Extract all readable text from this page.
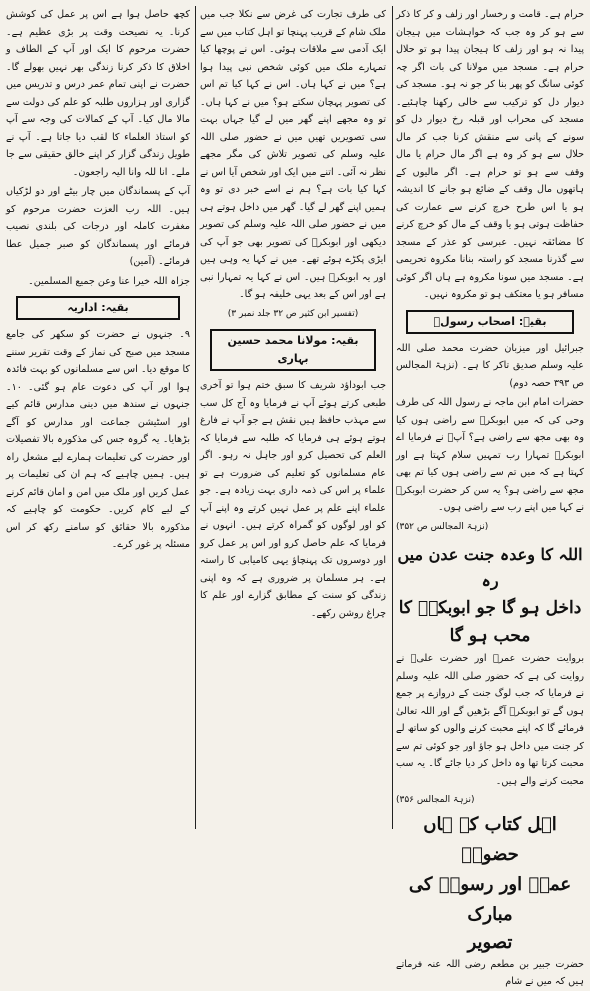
حرام ہے۔ قامت و رخسار اور زلف و کر کا ذکر سے ہو کر وہ جب کہ خواہشات میں ہیجان پیدا نہ ہو اور زلف کا ہیجان پیدا ہو تو حلال حرام ہے۔ مسجد میں مولانا کی بات اگر چہ کوئی سانگ کو پھر بنا کر جو نہ ہو۔ مسجد کی دیوار دل کو ترکیب سے خالی رکھنا چاہئیے۔ مسجد کی محراب اور قبلہ رخ دیوار دل کو سونے کے پانی سے منقش کرنا جب کر مال حلال سے ہو کر وہ ہے اگر مال حرام یا مال وقف سے ہو تو حرام ہے۔ اگر مالیوں کے ہاتھوں مال وقف کے ضائع ہو جانے کا اندیشہ ہو یا اس طرح خرچ کرنے سے عمارت کی حفاظت ہوتی ہو یا وقف کے مال کو خرچ کرنے کا مضائقہ نہیں۔ عبرسی کو عذر کے مسجد سے گذرنا مسجد کو راستہ بنانا مکروہ تحریمی ہے۔ مسجد میں سونا مکروہ ہے ہاں اگر کوئی مسافر ہو یا معتکف ہو تو مکروہ نہیں۔

بقیہ: اصحاب رسولؐ

جبرائیل اور میزبان حضرت محمد صلی اللہ علیہ وسلم صدیق تاکر کا ہے۔ (نزہۃ المجالس ص ۳۹۳ حصہ دوم)

حضرات امام ابن ماجہ نے رسول اللہ کی طرف وحی کی کہ میں ابوبکرؓ سے راضی ہوں کیا وہ بھی مجھ سے راضی ہے؟ آپؐ نے فرمایا اے ابوبکرؓ تمہارا رب تمہیں سلام کہتا ہے اور کہتا ہے کہ میں تم سے راضی ہوں کیا تم بھی مجھ سے راضی ہو؟ یہ سن کر حضرت ابوبکرؓ نے کہا میں اپنے رب سے راضی ہوں۔

(نزہۃ المجالس ص ۳۵۲)
اللہ کا وعدہ جنت عدن میں رہ
داخل ہو گا جو ابوبکرؓ کا محب ہو گا

بروایت حضرت عمرؓ اور حضرت علیؓ نے روایت کی ہے کہ حضور صلی اللہ علیہ وسلم نے فرمایا کہ جب لوگ جنت کے دروازے پر جمع ہوں گے تو ابوبکرؓ آگے بڑھیں گے اور اللہ تعالیٰ فرمائے گا کہ اپنے محبت کرنے والوں کو ساتھ لے کر جنت میں داخل ہو جاؤ اور جو کوئی تم سے محبت کرتا تھا وہ داخل کر دیا جائے گا۔ یہ سب محبت کرنے والے ہیں۔

(نزہۃ المجالس ۳۵۶)
اہل کتاب کے ہاں حضورؐ
عمرؓ اور رسولؐ کی مبارک
تصویر

حضرت جبیر بن مطعم رضی اللہ عنہ فرماتے ہیں کہ میں نے شام

کی طرف تجارت کی غرض سے نکلا جب میں ملک شام کے قریب پہنچا تو اہل کتاب میں سے ایک آدمی سے ملاقات ہوئی۔ اس نے پوچھا کیا تمہارے ملک میں کوئی شخص نبی پیدا ہوا ہے؟ میں نے کہا ہاں۔ اس نے کہا کیا تم اس کی تصویر پہچان سکتے ہو؟ میں نے کہا ہاں۔ تو وہ مجھے اپنے گھر میں لے گیا جہاں بہت سی تصویریں تھیں میں نے حضور صلی اللہ علیہ وسلم کی تصویر تلاش کی مگر مجھے نظر نہ آئی۔ اتنے میں ایک اور شخص آیا اس نے کہا کیا بات ہے؟ ہم نے اسے خبر دی تو وہ ہمیں اپنے گھر لے گیا۔ گھر میں داخل ہوتے ہی میں نے حضور صلی اللہ علیہ وسلم کی تصویر دیکھی اور ابوبکرؓ کی تصویر بھی جو آپ کی ایڑی پکڑے ہوئے تھے۔ میں نے کہا یہ وہی ہیں اور یہ ابوبکرؓ ہیں۔ اس نے کہا یہ تمہارا نبی ہے اور اس کے بعد یہی خلیفہ ہو گا۔

(تفسیر ابن کثیر ص ۳۲ جلد نمبر ۳)
بقیہ: مولانا محمد حسین بہاری

جب ابوداؤد شریف کا سبق ختم ہوا تو آخری طبعی کرتے ہوئے آپ نے فرمایا وہ آج کل سب سے مہذب حافظ ہیں نقش ہے جو آپ نے فارغ ہوتے ہوئے ہی فرمایا کہ طلبہ سے فرمایا کہ العلم کی تحصیل کرو اور جاہل نہ رہو۔ اگر عام مسلمانوں کو تعلیم کی ضرورت ہے تو علماء پر اس کی ذمہ داری بہت زیادہ ہے۔ جو علماء اپنے علم پر عمل نہیں کرتے وہ اپنے آپ کو اور لوگوں کو گمراہ کرتے ہیں۔ انہوں نے فرمایا کہ علم حاصل کرو اور اس پر عمل کرو اور دوسروں تک پہنچاؤ یہی کامیابی کا راستہ ہے۔ ہر مسلمان پر ضروری ہے کہ وہ اپنی زندگی کو سنت کے مطابق گزارے اور علم کا چراغ روشن رکھے۔

کچھ حاصل ہوا ہے اس پر عمل کی کوشش کرنا۔ یہ نصیحت وقت پر بڑی عظیم ہے۔ حضرت مرحوم کا ایک اور آپ کے الطاف و اخلاق کا ذکر کرنا زندگی بھر نہیں بھولے گا۔ حضرت نے اپنی تمام عمر درس و تدریس میں گزاری اور ہزاروں طلبہ کو علم کی دولت سے مالا مال کیا۔ آپ کے کمالات کی وجہ سے آپ کو استاذ العلماء کا لقب دیا جاتا ہے۔ آپ نے طویل زندگی گزار کر اپنے خالق حقیقی سے جا ملے۔ انا للہ وانا الیہ راجعون۔

آپ کے پسماندگان میں چار بیٹے اور دو لڑکیاں ہیں۔ اللہ رب العزت حضرت مرحوم کو مغفرت کاملہ اور درجات کی بلندی نصیب فرمائے اور پسماندگان کو صبر جمیل عطا فرمائے۔ (آمین)

جزاہ اللہ خیرا عنا وعن جمیع المسلمین۔

بقیہ: اداریہ

۹۔ جنہوں نے حضرت کو سکھر کی جامع مسجد میں صبح کی نماز کے وقت تقریر سننے کا موقع دیا۔ اس سے مسلمانوں کو بہت فائدہ ہوا اور آپ کی دعوت عام ہو گئی۔ ۱۰۔ جنہوں نے سندھ میں دینی مدارس قائم کیے اور اسٹیشن جماعت اور مدارس کو آگے بڑھایا۔ یہ گروہ جس کی مذکورہ بالا تفصیلات اور حضرت کی تعلیمات ہمارے لیے مشعل راہ ہیں۔ ہمیں چاہیے کہ ہم ان کی تعلیمات پر عمل کریں اور ملک میں امن و امان قائم کرنے کے لیے کام کریں۔ حکومت کو چاہیے کہ مذکورہ بالا حقائق کو سامنے رکھ کر اس مسئلہ پر غور کرے۔
